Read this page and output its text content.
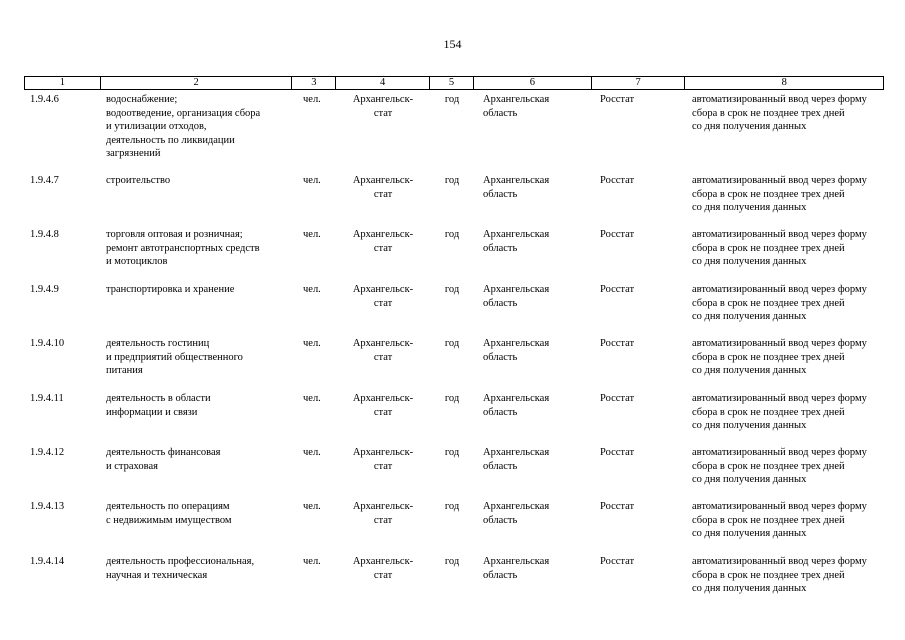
154
1	2	3	4	5	6	7	8
1.9.4.6	водоснабжение;
водоотведение, организация сбора
и утилизации отходов,
деятельность по ликвидации
загрязнений
чел.	Архангельск-
стат
год	Архангельская
область
Росстат	автоматизированный ввод через форму
сбора в срок не позднее трех дней
со дня получения данных
1.9.4.7	строительство	чел.	Архангельск-
стат
год	Архангельская
область
Росстат	автоматизированный ввод через форму
сбора в срок не позднее трех дней
со дня получения данных
1.9.4.8	торговля оптовая и розничная;
ремонт автотранспортных средств
и мотоциклов
чел.	Архангельск-
стат
год	Архангельская
область
Росстат	автоматизированный ввод через форму
сбора в срок не позднее трех дней
со дня получения данных
1.9.4.9	транспортировка и хранение	чел.	Архангельск-
стат
год	Архангельская
область
Росстат	автоматизированный ввод через форму
сбора в срок не позднее трех дней
со дня получения данных
1.9.4.10	деятельность гостиниц
и предприятий общественного
питания
чел.	Архангельск-
стат
год	Архангельская
область
Росстат	автоматизированный ввод через форму
сбора в срок не позднее трех дней
со дня получения данных
1.9.4.11	деятельность в области
информации и связи
чел.	Архангельск-
стат
год	Архангельская
область
Росстат	автоматизированный ввод через форму
сбора в срок не позднее трех дней
со дня получения данных
1.9.4.12	деятельность финансовая
и страховая
чел.	Архангельск-
стат
год	Архангельская
область
Росстат	автоматизированный ввод через форму
сбора в срок не позднее трех дней
со дня получения данных
1.9.4.13	деятельность по операциям
с недвижимым имуществом
чел.	Архангельск-
стат
год	Архангельская
область
Росстат	автоматизированный ввод через форму
сбора в срок не позднее трех дней
со дня получения данных
1.9.4.14	деятельность профессиональная,
научная и техническая
чел.	Архангельск-
стат
год	Архангельская
область
Росстат	автоматизированный ввод через форму
сбора в срок не позднее трех дней
со дня получения данных
